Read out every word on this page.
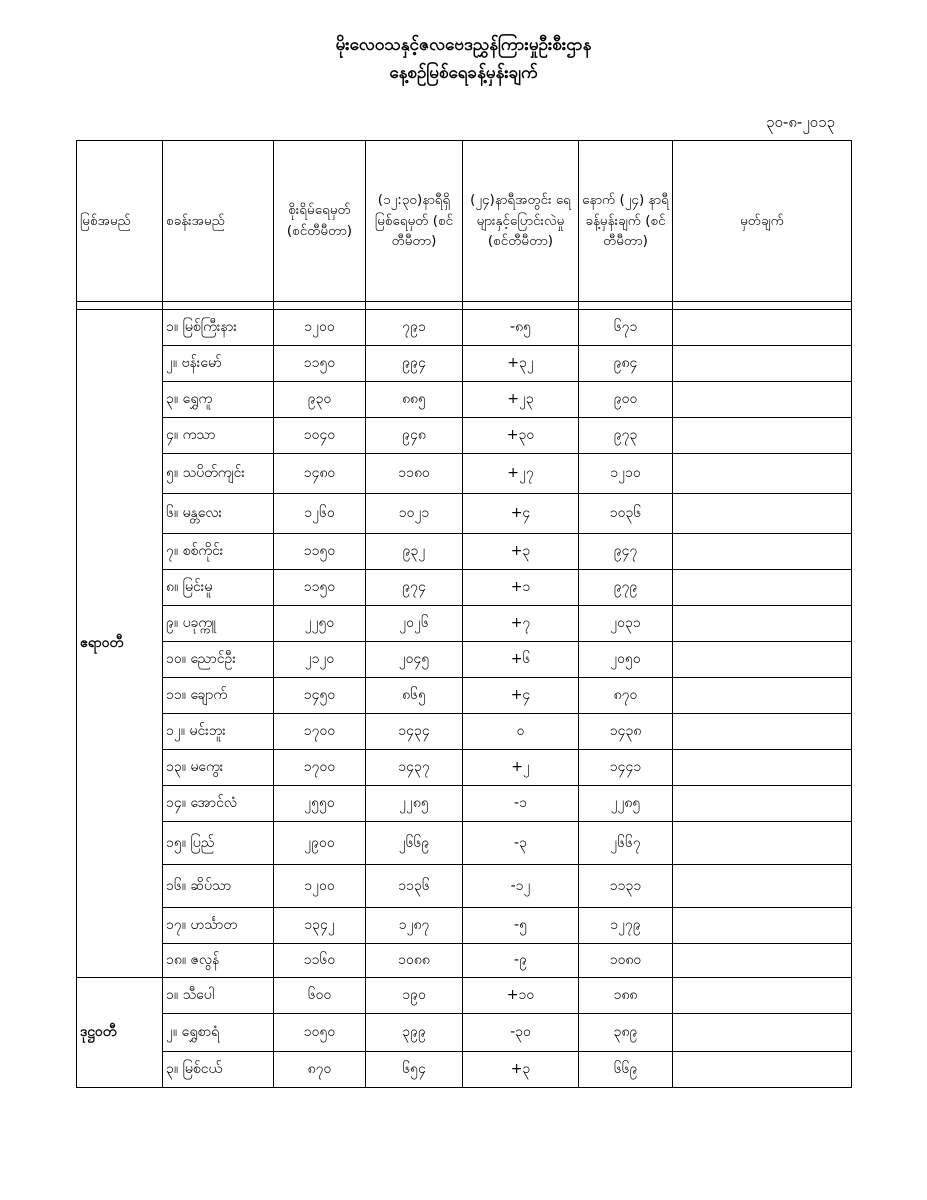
မိုးလေဝသနှင့်ဇလဗေဒညွှန်ကြားမှုဦးစီးဌာန
နေ့စဉ်မြစ်ရေခန့်မှန်းချက်
၃၀-၈-၂၀၁၃
မြစ်အမည်	စခန်းအမည်	စိုးရိမ်ရေမှတ် (စင်တီမီတာ)	(၁၂:၃၀)နာရီရှိ မြစ်ရေမှတ် (စင်တီမီတာ)	(၂၄)နာရီအတွင်း ရေများနှင့်ပြောင်းလဲမှု (စင်တီမီတာ)	နောက် (၂၄) နာရီ ခန့်မှန်းချက် (စင်တီမီတာ)	မှတ်ချက်

ဧရာဝတီ	၁။ မြစ်ကြီးနား	၁၂၀၀	၇၉၁	-၈၅	၆၇၁	
	၂။ ဗန်းမော်	၁၁၅၀	၉၉၄	+၃၂	၉၈၄	
	၃။ ရွှေကူ	၉၃၀	၈၈၅	+၂၃	၉၀၀	
	၄။ ကသာ	၁၀၄၀	၉၄၈	+၃၀	၉၇၃	
	၅။ သပိတ်ကျင်း	၁၄၈၀	၁၁၈၀	+၂၇	၁၂၁၀	
	၆။ မန္တလေး	၁၂၆၀	၁၀၂၁	+၄	၁၀၃၆	
	၇။ စစ်ကိုင်း	၁၁၅၀	၉၃၂	+၃	၉၄၇	
	၈။ မြင်းမူ	၁၁၅၀	၉၇၄	+၁	၉၇၉	
	၉။ ပခုက္ကူ	၂၂၅၀	၂၀၂၆	+၇	၂၀၃၁	
	၁၀။ ညောင်ဦး	၂၁၂၀	၂၀၄၅	+၆	၂၀၅၀	
	၁၁။ ချောက်	၁၄၅၀	၈၆၅	+၄	၈၇၀	
	၁၂။ မင်းဘူး	၁၇၀၀	၁၄၃၄	၀	၁၄၃၈	
	၁၃။ မကွေး	၁၇၀၀	၁၄၃၇	+၂	၁၄၄၁	
	၁၄။ အောင်လံ	၂၅၅၀	၂၂၈၅	-၁	၂၂၈၅	
	၁၅။ ပြည်	၂၉၀၀	၂၆၆၉	-၃	၂၆၆၇	
	၁၆။ ဆိပ်သာ	၁၂၀၀	၁၁၃၆	-၁၂	၁၁၃၁	
	၁၇။ ဟင်္သာတ	၁၃၄၂	၁၂၈၇	-၅	၁၂၇၉	
	၁၈။ ဇလွန်	၁၁၆၀	၁၀၈၈	-၉	၁၀၈၀	
ဒုဋ္ဌဝတီ	၁။ သီပေါ	၆၀၀	၁၉၀	+၁၀	၁၈၈	
	၂။ ရွှေစာရံ	၁၀၅၀	၃၉၉	-၃၀	၃၈၉	
	၃။ မြစ်ငယ်	၈၇၀	၆၅၄	+၃	၆၆၉	
